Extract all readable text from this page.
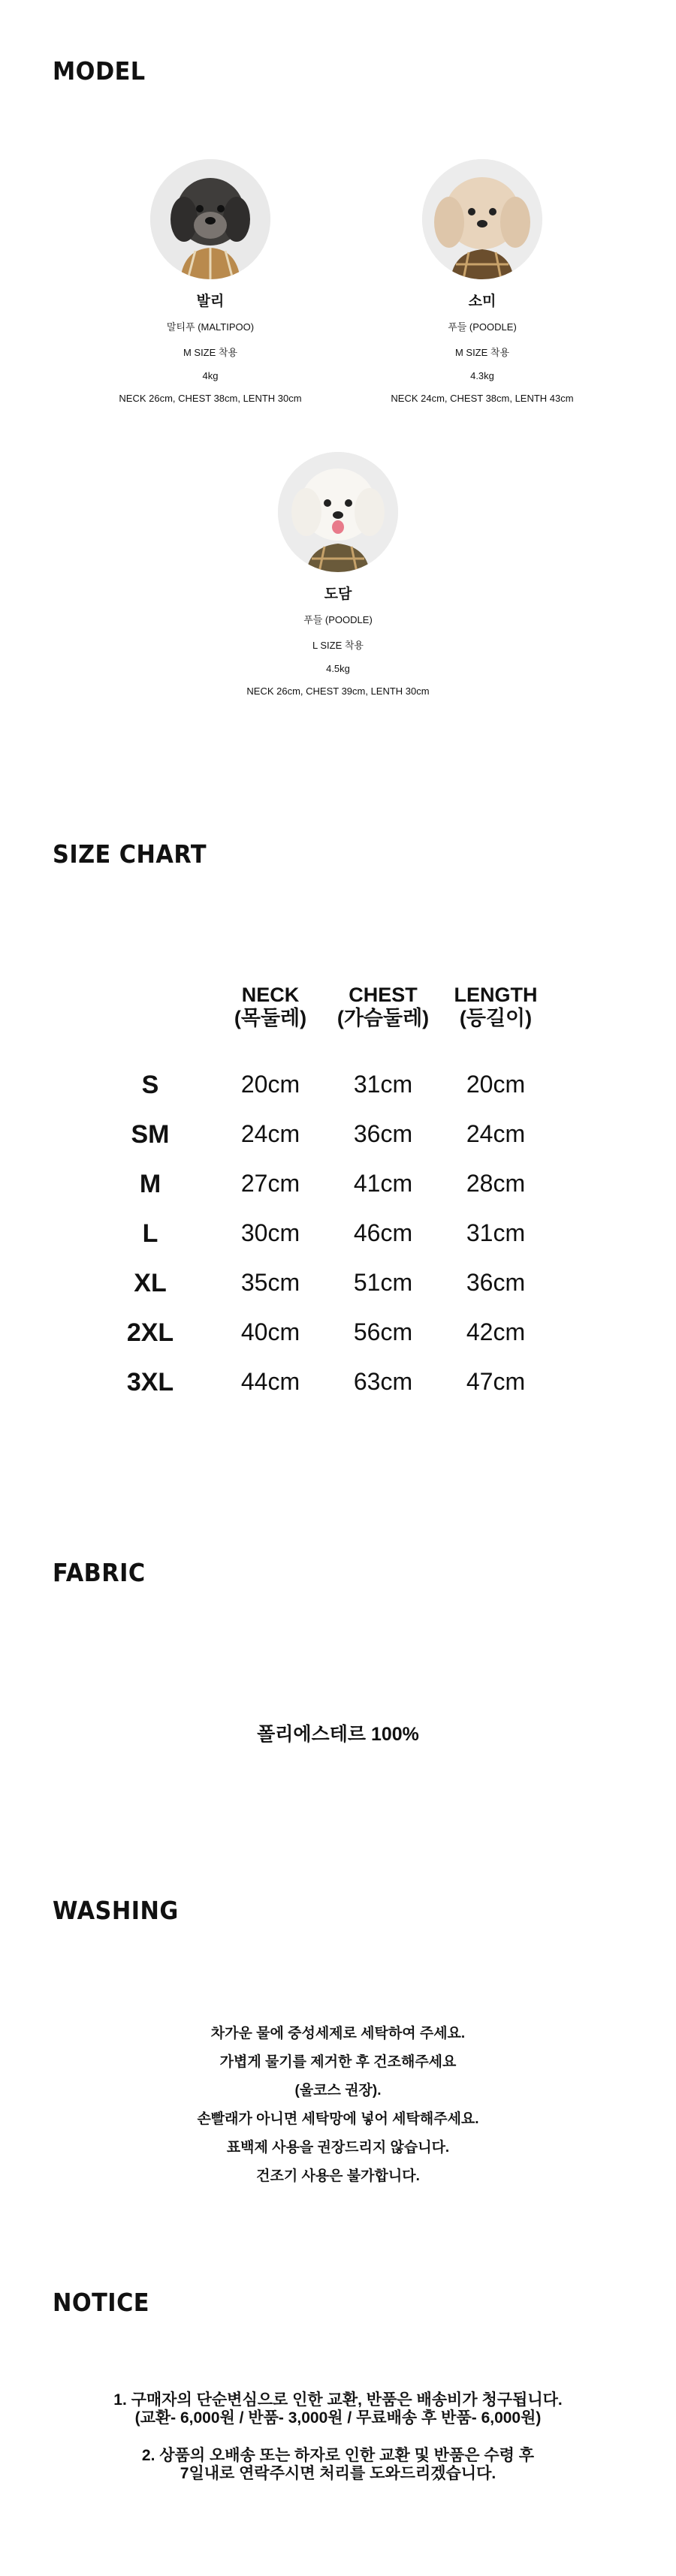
MODEL
발리
말티푸 (MALTIPOO)
M SIZE 착용
4kg
NECK 26cm, CHEST 38cm, LENTH 30cm
소미
푸들 (POODLE)
M SIZE 착용
4.3kg
NECK 24cm, CHEST 38cm, LENTH 43cm
도담
푸들 (POODLE)
L SIZE 착용
4.5kg
NECK 26cm, CHEST 39cm, LENTH 30cm
SIZE CHART
NECK
(목둘레)
CHEST
(가슴둘레)
LENGTH
(등길이)
S	20cm	31cm	20cm
SM	24cm	36cm	24cm
M	27cm	41cm	28cm
L	30cm	46cm	31cm
XL	35cm	51cm	36cm
2XL	40cm	56cm	42cm
3XL	44cm	63cm	47cm
FABRIC
폴리에스테르 100%
WASHING
차가운 물에 중성세제로 세탁하여 주세요.
가볍게 물기를 제거한 후 건조해주세요
(울코스 권장).
손빨래가 아니면 세탁망에 넣어 세탁해주세요.
표백제 사용을 권장드리지 않습니다.
건조기 사용은 불가합니다.
NOTICE
1. 구매자의 단순변심으로 인한 교환, 반품은 배송비가 청구됩니다.
(교환- 6,000원 / 반품- 3,000원 / 무료배송 후 반품- 6,000원)
2. 상품의 오배송 또는 하자로 인한 교환 및 반품은 수령 후
7일내로 연락주시면 처리를 도와드리겠습니다.
